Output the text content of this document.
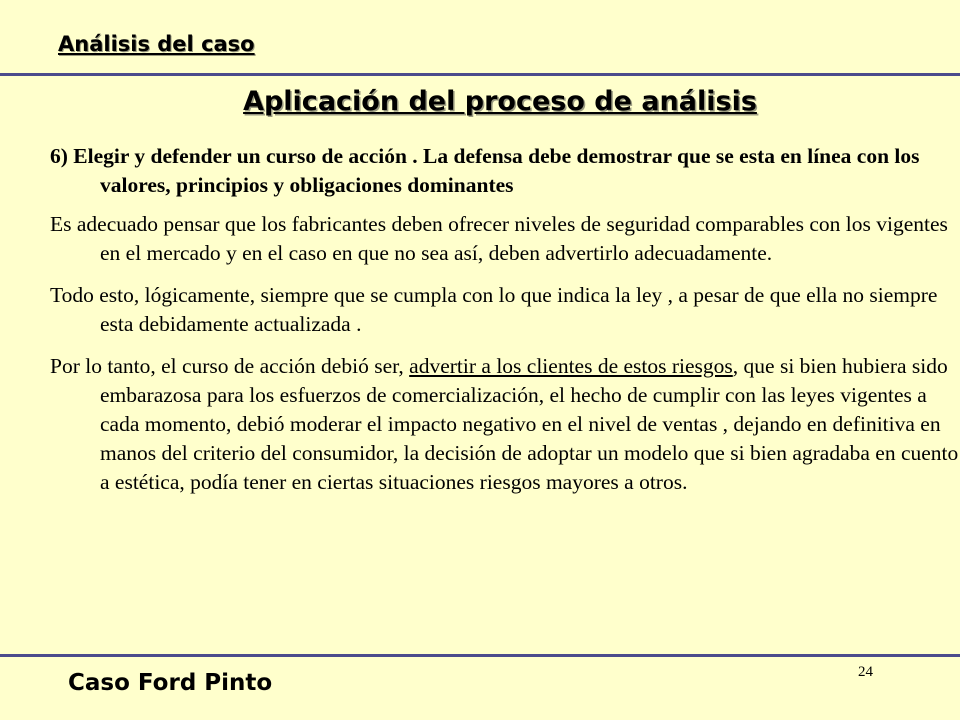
Análisis del caso
Aplicación del proceso de análisis

6) Elegir y defender un curso de acción . La defensa debe demostrar que se esta en línea con los valores, principios y obligaciones dominantes

Es adecuado pensar que los fabricantes deben ofrecer niveles de seguridad comparables con los vigentes en el mercado y en el caso en que no sea así, deben advertirlo adecuadamente.

Todo esto, lógicamente, siempre que se cumpla con lo que indica la ley , a pesar de que ella no siempre esta debidamente actualizada .

Por lo tanto, el curso de acción debió ser, advertir a los clientes de estos riesgos, que si bien hubiera sido embarazosa para los esfuerzos de comercialización, el hecho de cumplir con las leyes vigentes a cada momento, debió moderar el impacto negativo en el nivel de ventas , dejando en definitiva en manos del criterio del consumidor, la decisión de adoptar un modelo que si bien agradaba en cuento a estética, podía tener en ciertas situaciones riesgos mayores a otros.

24
Caso Ford Pinto
